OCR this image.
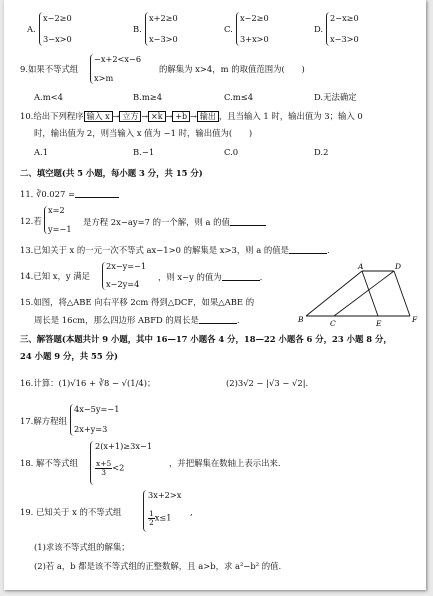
A.
x−2≥0
3−x>0
B.
x+2≥0
x−3>0
C.
x−2≥0
3+x>0
D.
2−x≥0
x−3>0
9.如果不等式组
−x+2<x−6
x>m
的解集为 x>4，m 的取值范围为(　　)
A.m<4	B.m≥4	C.m≤4	D.无法确定
10.给出下列程序 输入 x → 立方 → ×k → +b → 输出 ，且当输入 1 时，输出值为 3；输入 0
时，输出值为 2，则当输入 x 值为 −1 时，输出值为(　　)
A.1	B.−1	C.0	D.2
二、填空题(共 5 小题，每小题 3 分，共 15 分)
11. ∛0.027 =
12.若
x=2
y=−1
是方程 2x−ay=7 的一个解，则 a 的值
13.已知关于 x 的一元一次不等式 ax−1>0 的解集是 x>3，则 a 的值是	.
14.已知 x，y 满足
2x−y=−1
x−2y=4
，则 x−y 的值为	.
15.如图，将△ABE 向右平移 2cm 得到△DCF，如果△ABE 的
周长是 16cm，那么四边形 ABFD 的周长是	.
A	D
B	C	E	F
三、解答题(本题共计 9 小题，其中 16—17 小题各 4 分，18—22 小题各 6 分，23 小题 8 分，
24 小题 9 分，共 55 分)
16.计算：(1)√16 + ∛8 − √(1/4)；	(2)3√2 − |√3 − √2|.
17.解方程组
4x−5y=−1
2x+y=3
18. 解不等式组
2(x+1)≥3x−1
$\frac{x+5}{3} <2$	，并把解集在数轴上表示出来.
19. 已知关于 x 的不等式组
3x+2>x
$\frac{1}{2} x\le 1$
,
(1)求该不等式组的解集；
(2)若 a，b 都是该不等式组的正整数解，且 a>b，求 a²−b² 的值.
